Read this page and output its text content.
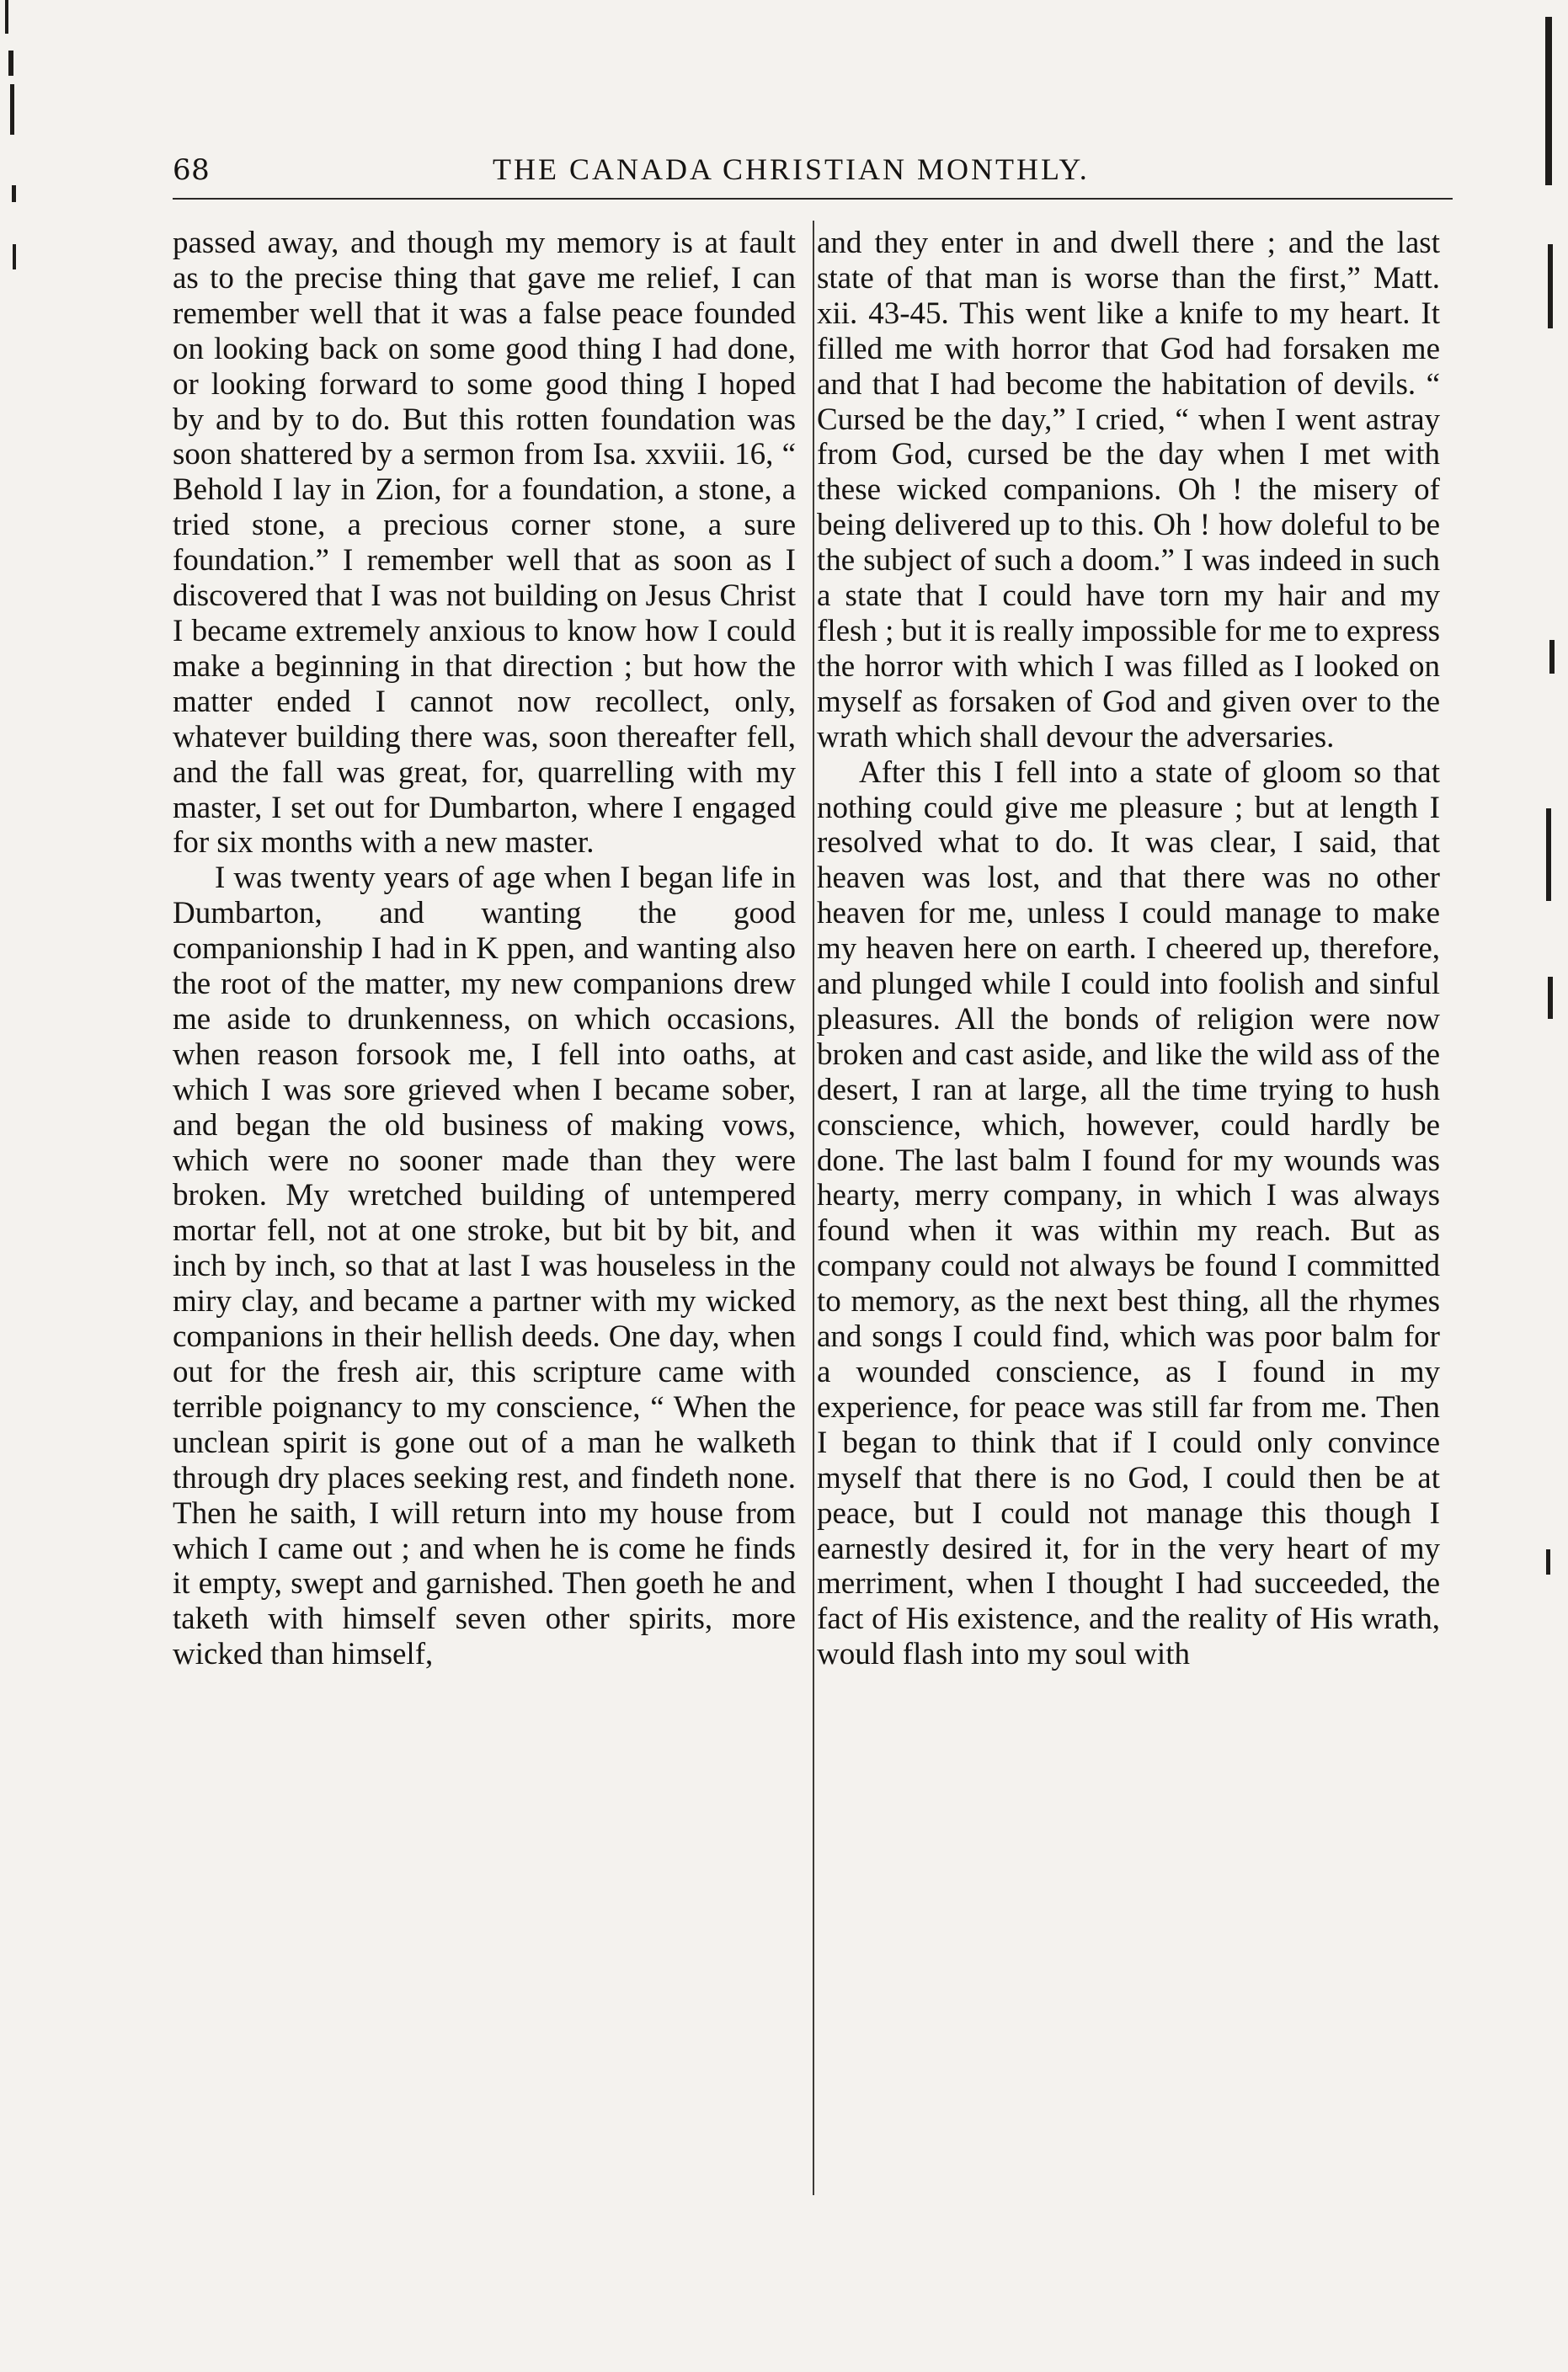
68	THE CANADA CHRISTIAN MONTHLY.

passed away, and though my memory is at fault as to the precise thing that gave me relief, I can remember well that it was a false peace founded on looking back on some good thing I had done, or looking forward to some good thing I hoped by and by to do. But this rotten foundation was soon shattered by a sermon from Isa. xxviii. 16, “ Behold I lay in Zion, for a foundation, a stone, a tried stone, a precious corner stone, a sure foundation.” I remember well that as soon as I discovered that I was not building on Jesus Christ I became extremely anxious to know how I could make a beginning in that direction ; but how the matter ended I cannot now recollect, only, whatever building there was, soon thereafter fell, and the fall was great, for, quarrelling with my master, I set out for Dumbarton, where I engaged for six months with a new master.

I was twenty years of age when I began life in Dumbarton, and wanting the good companionship I had in K ppen, and wanting also the root of the matter, my new companions drew me aside to drunkenness, on which occasions, when reason forsook me, I fell into oaths, at which I was sore grieved when I became sober, and began the old business of making vows, which were no sooner made than they were broken. My wretched building of untempered mortar fell, not at one stroke, but bit by bit, and inch by inch, so that at last I was houseless in the miry clay, and became a partner with my wicked companions in their hellish deeds. One day, when out for the fresh air, this scripture came with terrible poignancy to my conscience, “ When the unclean spirit is gone out of a man he walketh through dry places seeking rest, and findeth none. Then he saith, I will return into my house from which I came out ; and when he is come he finds it empty, swept and garnished. Then goeth he and taketh with himself seven other spirits, more wicked than himself,

and they enter in and dwell there ; and the last state of that man is worse than the first,” Matt. xii. 43-45. This went like a knife to my heart. It filled me with horror that God had forsaken me and that I had become the habitation of devils. “ Cursed be the day,” I cried, “ when I went astray from God, cursed be the day when I met with these wicked companions. Oh ! the misery of being delivered up to this. Oh ! how doleful to be the subject of such a doom.” I was indeed in such a state that I could have torn my hair and my flesh ; but it is really impossible for me to express the horror with which I was filled as I looked on myself as forsaken of God and given over to the wrath which shall devour the adversaries.

After this I fell into a state of gloom so that nothing could give me pleasure ; but at length I resolved what to do. It was clear, I said, that heaven was lost, and that there was no other heaven for me, unless I could manage to make my heaven here on earth. I cheered up, therefore, and plunged while I could into foolish and sinful pleasures. All the bonds of religion were now broken and cast aside, and like the wild ass of the desert, I ran at large, all the time trying to hush conscience, which, however, could hardly be done. The last balm I found for my wounds was hearty, merry company, in which I was always found when it was within my reach. But as company could not always be found I committed to memory, as the next best thing, all the rhymes and songs I could find, which was poor balm for a wounded conscience, as I found in my experience, for peace was still far from me. Then I began to think that if I could only convince myself that there is no God, I could then be at peace, but I could not manage this though I earnestly desired it, for in the very heart of my merriment, when I thought I had succeeded, the fact of His existence, and the reality of His wrath, would flash into my soul with
